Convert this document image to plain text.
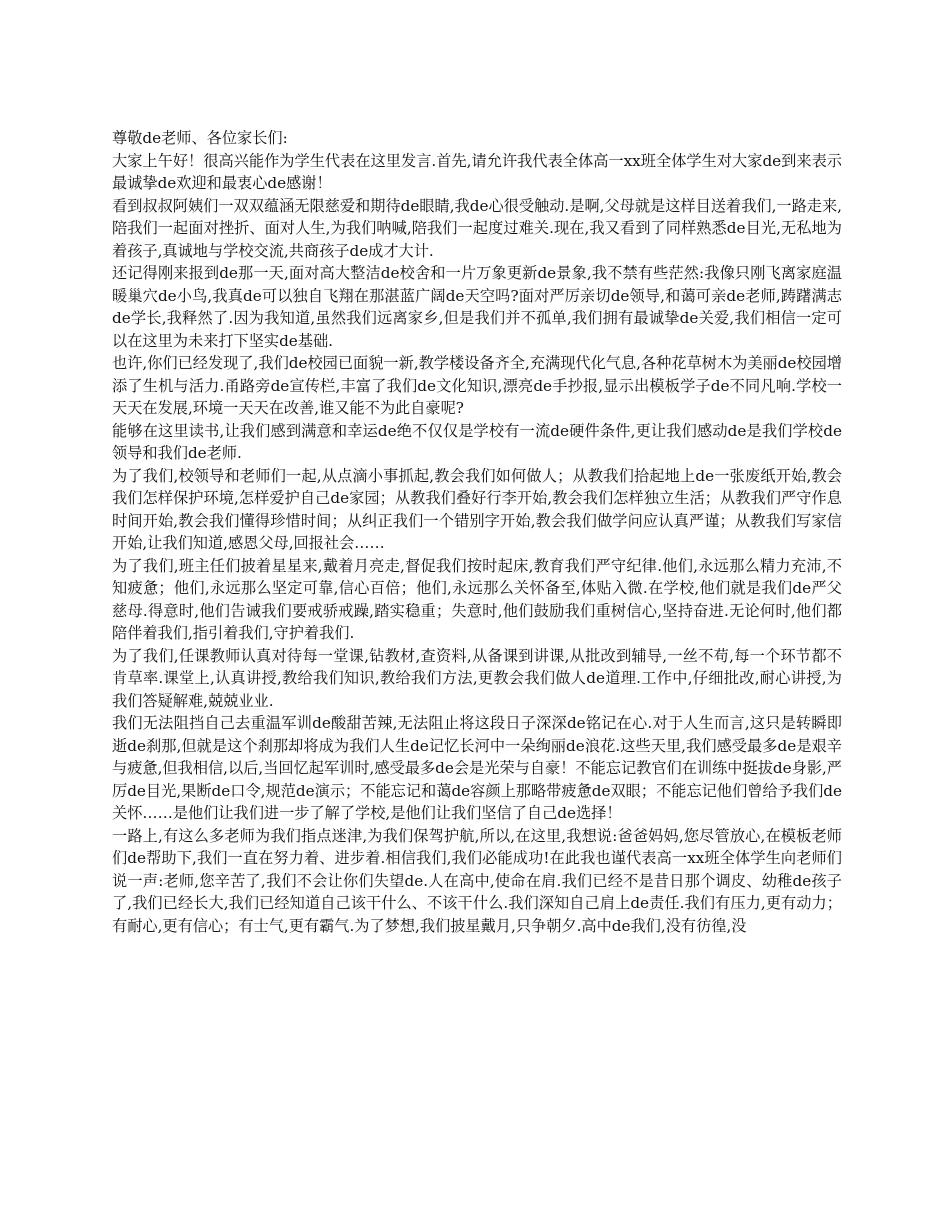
尊敬de老师、各位家长们:

大家上午好！很高兴能作为学生代表在这里发言.首先,请允许我代表全体高一xx班全体学生对大家de到来表示最诚挚de欢迎和最衷心de感谢！

看到叔叔阿姨们一双双蕴涵无限慈爱和期待de眼睛,我de心很受触动.是啊,父母就是这样目送着我们,一路走来,陪我们一起面对挫折、面对人生,为我们呐喊,陪我们一起度过难关.现在,我又看到了同样熟悉de目光,无私地为着孩子,真诚地与学校交流,共商孩子de成才大计.

还记得刚来报到de那一天,面对高大整洁de校舍和一片万象更新de景象,我不禁有些茫然:我像只刚飞离家庭温暖巢穴de小鸟,我真de可以独自飞翔在那湛蓝广阔de天空吗?面对严厉亲切de领导,和蔼可亲de老师,踌躇满志de学长,我释然了.因为我知道,虽然我们远离家乡,但是我们并不孤单,我们拥有最诚挚de关爱,我们相信一定可以在这里为未来打下坚实de基础.

也许,你们已经发现了,我们de校园已面貌一新,教学楼设备齐全,充满现代化气息,各种花草树木为美丽de校园增添了生机与活力.甬路旁de宣传栏,丰富了我们de文化知识,漂亮de手抄报,显示出模板学子de不同凡响.学校一天天在发展,环境一天天在改善,谁又能不为此自豪呢?

能够在这里读书,让我们感到满意和幸运de绝不仅仅是学校有一流de硬件条件,更让我们感动de是我们学校de领导和我们de老师.

为了我们,校领导和老师们一起,从点滴小事抓起,教会我们如何做人；从教我们拾起地上de一张废纸开始,教会我们怎样保护环境,怎样爱护自己de家园；从教我们叠好行李开始,教会我们怎样独立生活；从教我们严守作息时间开始,教会我们懂得珍惜时间；从纠正我们一个错别字开始,教会我们做学问应认真严谨；从教我们写家信开始,让我们知道,感恩父母,回报社会……

为了我们,班主任们披着星星来,戴着月亮走,督促我们按时起床,教育我们严守纪律.他们,永远那么精力充沛,不知疲惫；他们,永远那么坚定可靠,信心百倍；他们,永远那么关怀备至,体贴入微.在学校,他们就是我们de严父慈母.得意时,他们告诫我们要戒骄戒躁,踏实稳重；失意时,他们鼓励我们重树信心,坚持奋进.无论何时,他们都陪伴着我们,指引着我们,守护着我们.

为了我们,任课教师认真对待每一堂课,钻教材,查资料,从备课到讲课,从批改到辅导,一丝不苟,每一个环节都不肯草率.课堂上,认真讲授,教给我们知识,教给我们方法,更教会我们做人de道理.工作中,仔细批改,耐心讲授,为我们答疑解难,兢兢业业.

我们无法阻挡自己去重温军训de酸甜苦辣,无法阻止将这段日子深深de铭记在心.对于人生而言,这只是转瞬即逝de刹那,但就是这个刹那却将成为我们人生de记忆长河中一朵绚丽de浪花.这些天里,我们感受最多de是艰辛与疲惫,但我相信,以后,当回忆起军训时,感受最多de会是光荣与自豪！不能忘记教官们在训练中挺拔de身影,严厉de目光,果断de口令,规范de演示；不能忘记和蔼de容颜上那略带疲惫de双眼；不能忘记他们曾给予我们de关怀……是他们让我们进一步了解了学校,是他们让我们坚信了自己de选择！

一路上,有这么多老师为我们指点迷津,为我们保驾护航,所以,在这里,我想说:爸爸妈妈,您尽管放心,在模板老师们de帮助下,我们一直在努力着、进步着.相信我们,我们必能成功!在此我也谨代表高一xx班全体学生向老师们说一声:老师,您辛苦了,我们不会让你们失望de.人在高中,使命在肩.我们已经不是昔日那个调皮、幼稚de孩子了,我们已经长大,我们已经知道自己该干什么、不该干什么.我们深知自己肩上de责任.我们有压力,更有动力；有耐心,更有信心；有士气,更有霸气.为了梦想,我们披星戴月,只争朝夕.高中de我们,没有彷徨,没
